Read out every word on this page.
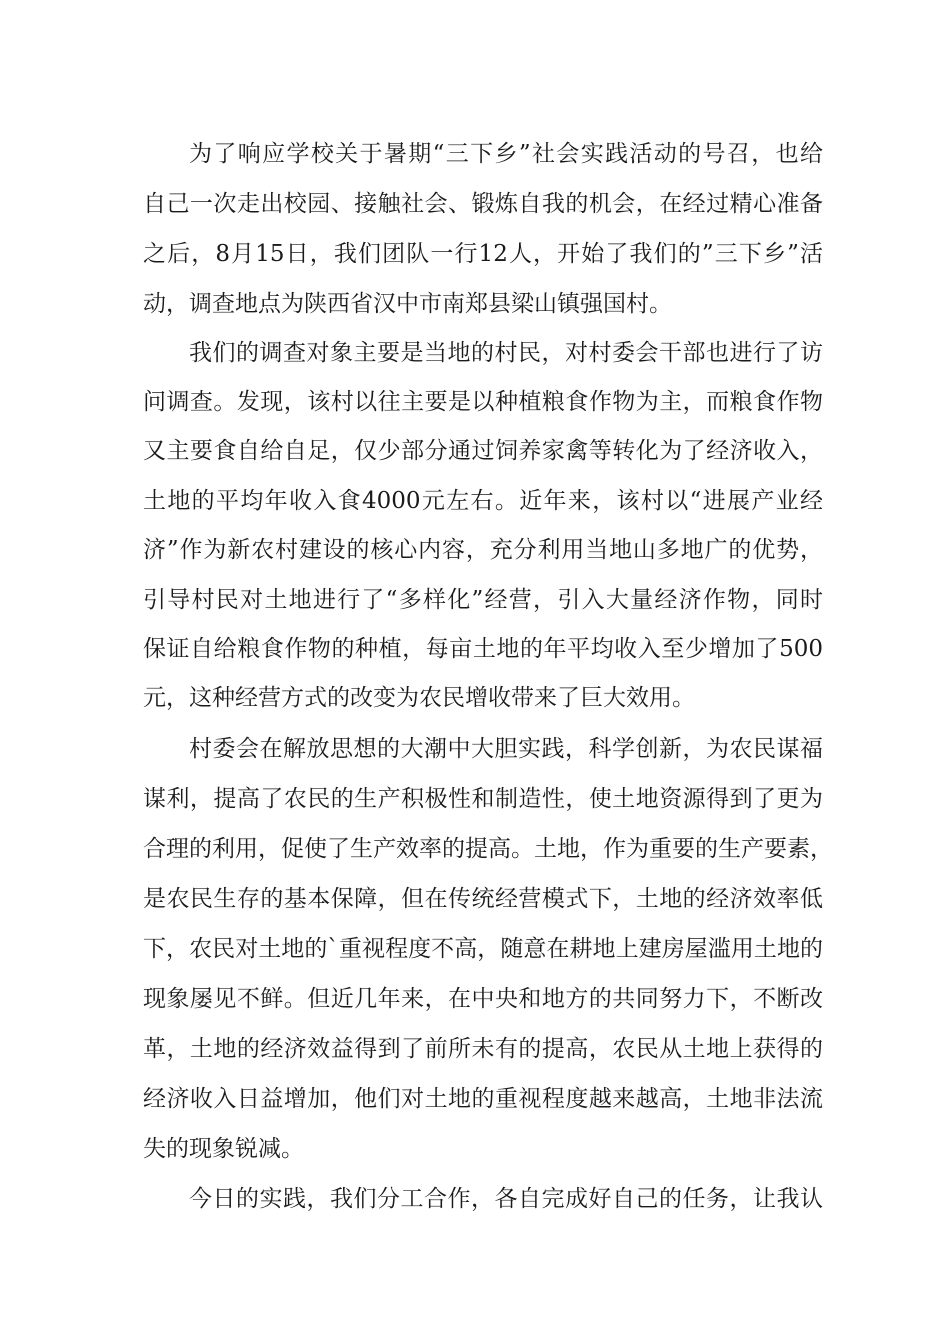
为了响应学校关于暑期“三下乡”社会实践活动的号召，也给

自己一次走出校园、接触社会、锻炼自我的机会，在经过精心准备

之后，8月15日，我们团队一行12人，开始了我们的”三下乡”活

动，调查地点为陕西省汉中市南郑县梁山镇强国村。

我们的调查对象主要是当地的村民，对村委会干部也进行了访

问调查。发现，该村以往主要是以种植粮食作物为主，而粮食作物

又主要食自给自足，仅少部分通过饲养家禽等转化为了经济收入，

土地的平均年收入食4000元左右。近年来，该村以“进展产业经

济”作为新农村建设的核心内容，充分利用当地山多地广的优势，

引导村民对土地进行了“多样化”经营，引入大量经济作物，同时

保证自给粮食作物的种植，每亩土地的年平均收入至少增加了500

元，这种经营方式的改变为农民增收带来了巨大效用。

村委会在解放思想的大潮中大胆实践，科学创新，为农民谋福

谋利，提高了农民的生产积极性和制造性，使土地资源得到了更为

合理的利用，促使了生产效率的提高。土地，作为重要的生产要素，

是农民生存的基本保障，但在传统经营模式下，土地的经济效率低

下，农民对土地的`重视程度不高，随意在耕地上建房屋滥用土地的

现象屡见不鲜。但近几年来，在中央和地方的共同努力下，不断改

革，土地的经济效益得到了前所未有的提高，农民从土地上获得的

经济收入日益增加，他们对土地的重视程度越来越高，土地非法流

失的现象锐减。

今日的实践，我们分工合作，各自完成好自己的任务，让我认
